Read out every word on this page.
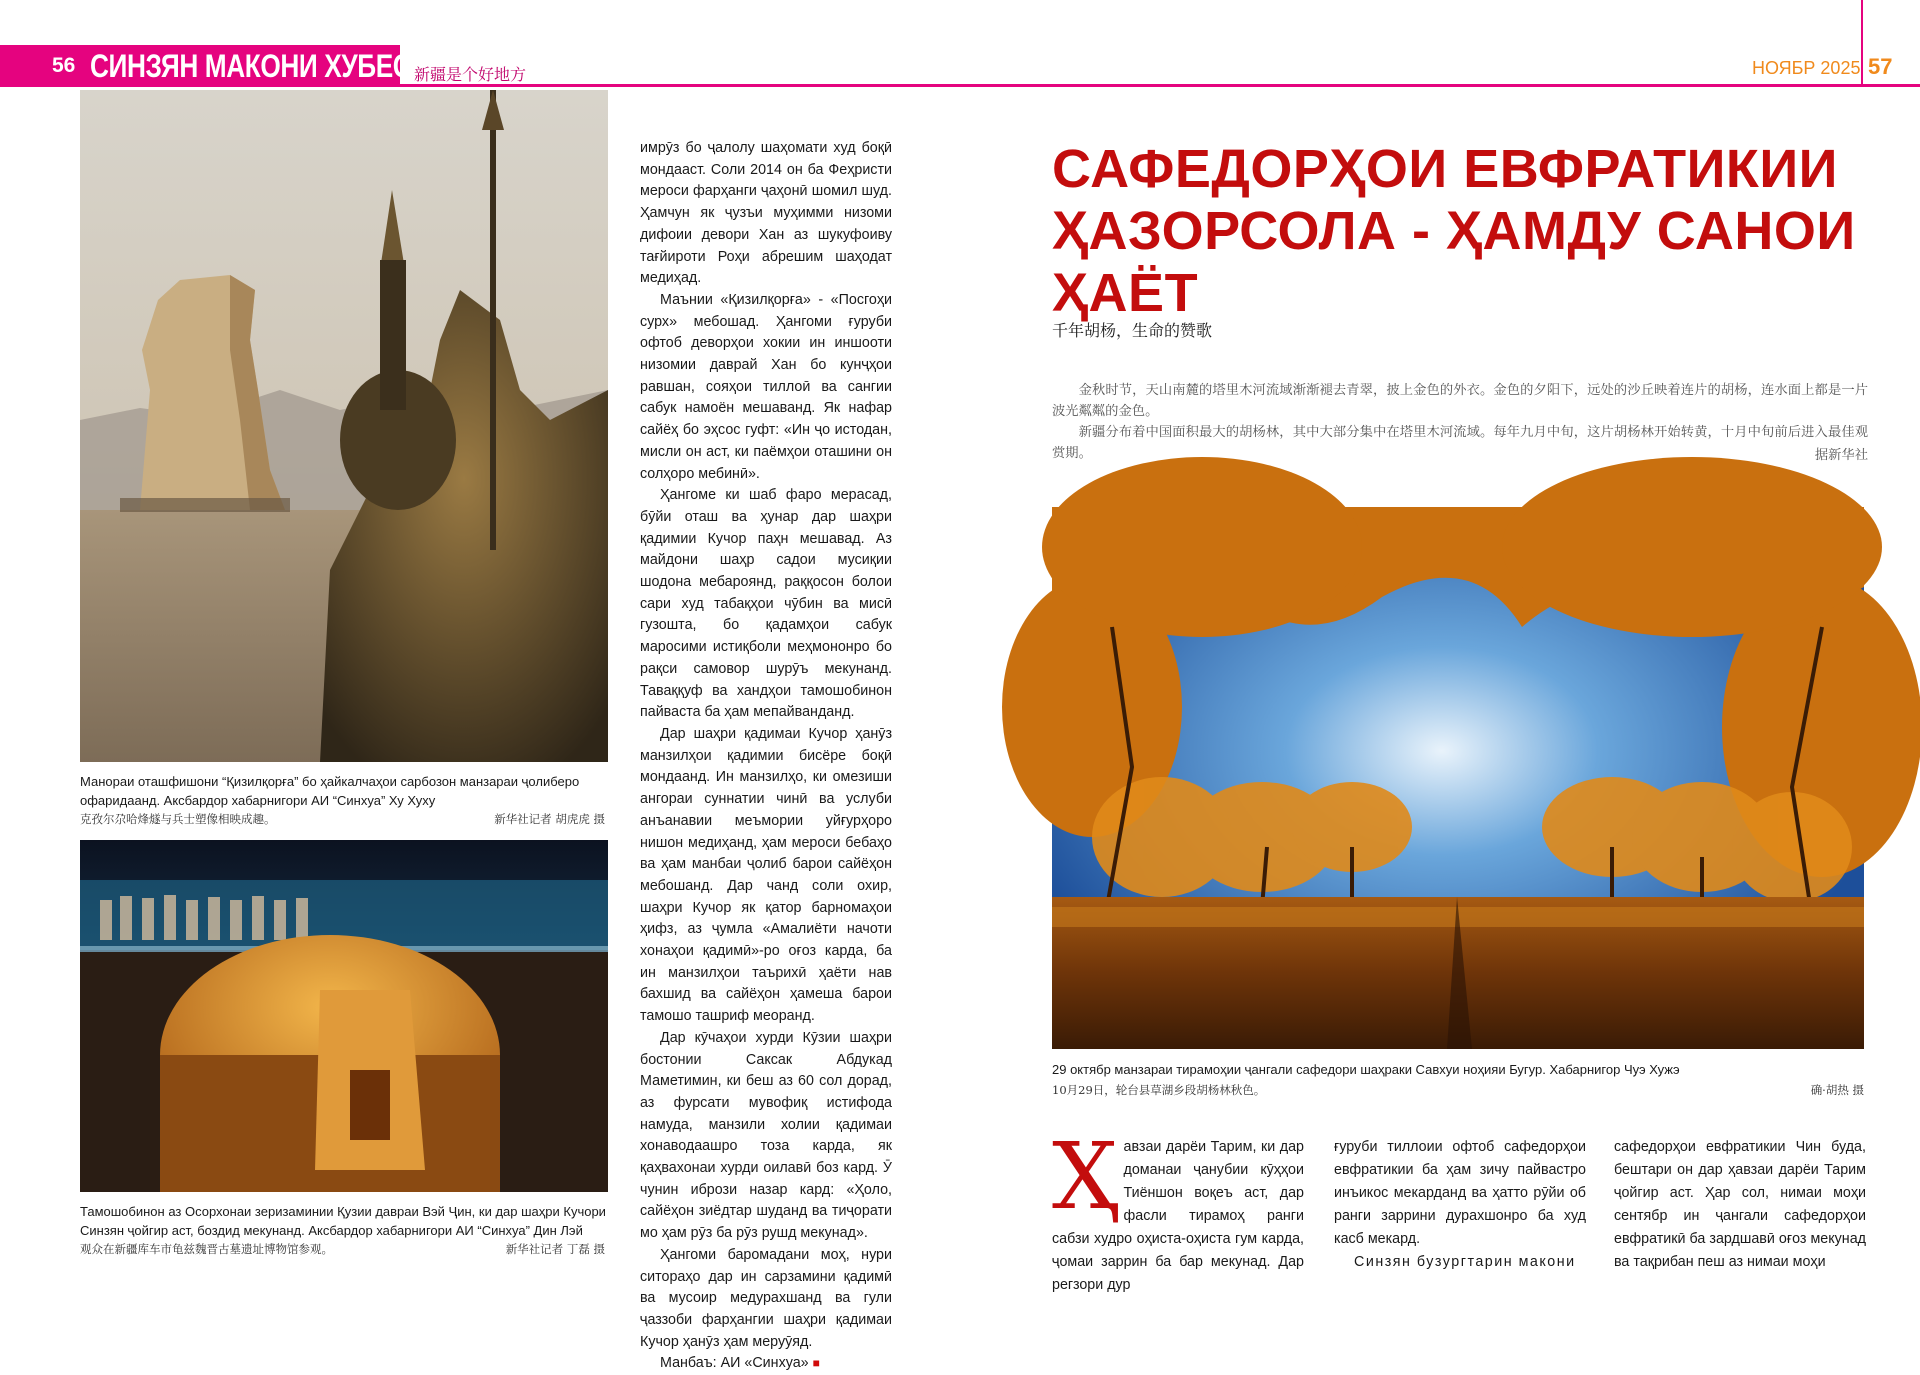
56 СИНЗЯН МАКОНИ ХУБЕСТ
新疆是个好地方	НОЯБР 2025 57
Манораи оташфишони “Қизилқорға” бо ҳайкалчаҳои сарбозон манзараи ҷолиберо офаридаанд. Аксбардор хабарнигори АИ “Синхуа” Ху Хуху
克孜尔尕哈烽燧与兵士塑像相映成趣。	新华社记者 胡虎虎 摄
Тамошобинон аз Осорхонаи зеризаминии Қузии давраи Вэй Ҷин, ки дар шаҳри Кучори Синзян ҷойгир аст, боздид мекунанд. Аксбардор хабарнигори АИ “Синхуа” Дин Лэй
观众在新疆库车市龟兹魏晋古墓遗址博物馆参观。	新华社记者 丁磊 摄

имрӯз бо ҷалолу шаҳомати худ боқӣ мондааст. Соли 2014 он ба Феҳристи мероси фарҳанги ҷаҳонӣ шомил шуд. Ҳамчун як ҷузъи муҳимми низоми дифоии девори Хан аз шукуфоиву тағйироти Роҳи абрешим шаҳодат медиҳад.

Маънии «Қизилқорға» - «Посгоҳи сурх» мебошад. Ҳангоми ғуруби офтоб деворҳои хокии ин иншооти низомии даврай Хан бо кунҷҳои равшан, сояҳои тиллоӣ ва сангии сабук намоён мешаванд. Як нафар сайёҳ бо эҳсос гуфт: «Ин ҷо истодан, мисли он аст, ки паёмҳои оташини он солҳоро мебинӣ».

Ҳангоме ки шаб фаро мерасад, бӯйи оташ ва ҳунар дар шаҳри қадимии Кучор паҳн мешавад. Аз майдони шаҳр садои мусиқии шодона мебароянд, раққосон болои сари худ табақҳои чӯбин ва мисӣ гузошта, бо қадамҳои сабук маросими истиқболи меҳмононро бо рақси самовор шурӯъ мекунанд. Таваққуф ва хандҳои тамошобинон пайваста ба ҳам мепайванданд.

Дар шаҳри қадимаи Кучор ҳанӯз манзилҳои қадимии бисёре боқӣ мондаанд. Ин манзилҳо, ки омезиши ангораи суннатии чинӣ ва услуби анъанавии меъмории уйғурҳоро нишон медиҳанд, ҳам мероси бебаҳо ва ҳам манбаи ҷолиб барои сайёҳон мебошанд. Дар чанд соли охир, шаҳри Кучор як қатор барномаҳои ҳифз, аз ҷумла «Амалиёти начоти хонаҳои қадимӣ»-ро оғоз карда, ба ин манзилҳои таърихӣ ҳаёти нав бахшид ва сайёҳон ҳамеша барои тамошо ташриф меоранд.

Дар кӯчаҳои хурди Кӯзии шаҳри бостонии Саксак Абдукад Маметимин, ки беш аз 60 сол дорад, аз фурсати мувофиқ истифода намуда, манзили холии қадимаи хонаводаашро тоза карда, як қаҳвахонаи хурди оилавӣ боз кард. Ӯ чунин ибрози назар кард: «Ҳоло, сайёҳон зиёдтар шуданд ва тиҷорати мо ҳам рӯз ба рӯз рушд мекунад».

Ҳангоми баромадани моҳ, нури ситораҳо дар ин сарзамини қадимӣ ва мусоир медурахшанд ва гули ҷаззоби фарҳангии шаҳри қадимаи Кучор ҳанӯз ҳам меруӯяд.

Манбаъ: АИ «Синхуа» ■

САФЕДОРҲОИ ЕВФРАТИКИИ ҲАЗОРСОЛА - ҲАМДУ САНОИ ҲАЁТ
千年胡杨，生命的赞歌

金秋时节，天山南麓的塔里木河流域渐渐褪去青翠，披上金色的外衣。金色的夕阳下，远处的沙丘映着连片的胡杨，连水面上都是一片波光粼粼的金色。

新疆分布着中国面积最大的胡杨林，其中大部分集中在塔里木河流域。每年九月中旬，这片胡杨林开始转黄，十月中旬前后进入最佳观赏期。	据新华社
29 октябр манзараи тирамоҳии ҷангали сафедори шаҳраки Савхуи ноҳияи Бугур. Хабарнигор Чуэ Хужэ
10月29日，轮台县草湖乡段胡杨林秋色。	确·胡热 摄
Ҳавзаи дарёи Тарим, ки дар доманаи ҷанубии кӯҳҳои Тиёншон воқеъ аст, дар фасли тирамоҳ ранги сабзи худро оҳиста-оҳиста гум карда, ҷомаи заррин ба бар мекунад. Дар регзори дур

ғуруби тиллоии офтоб сафедорҳои евфратикии ба ҳам зичу пайвастро инъикос мекарданд ва ҳатто рӯйи об ранги заррини дурахшонро ба худ касб мекард.

Синзян бузургтарин макони

сафедорҳои евфратикии Чин буда, бештари он дар ҳавзаи дарёи Тарим ҷойгир аст. Ҳар сол, нимаи моҳи сентябр ин ҷангали сафедорҳои евфратикӣ ба зардшавӣ оғоз мекунад ва тақрибан пеш аз нимаи моҳи
